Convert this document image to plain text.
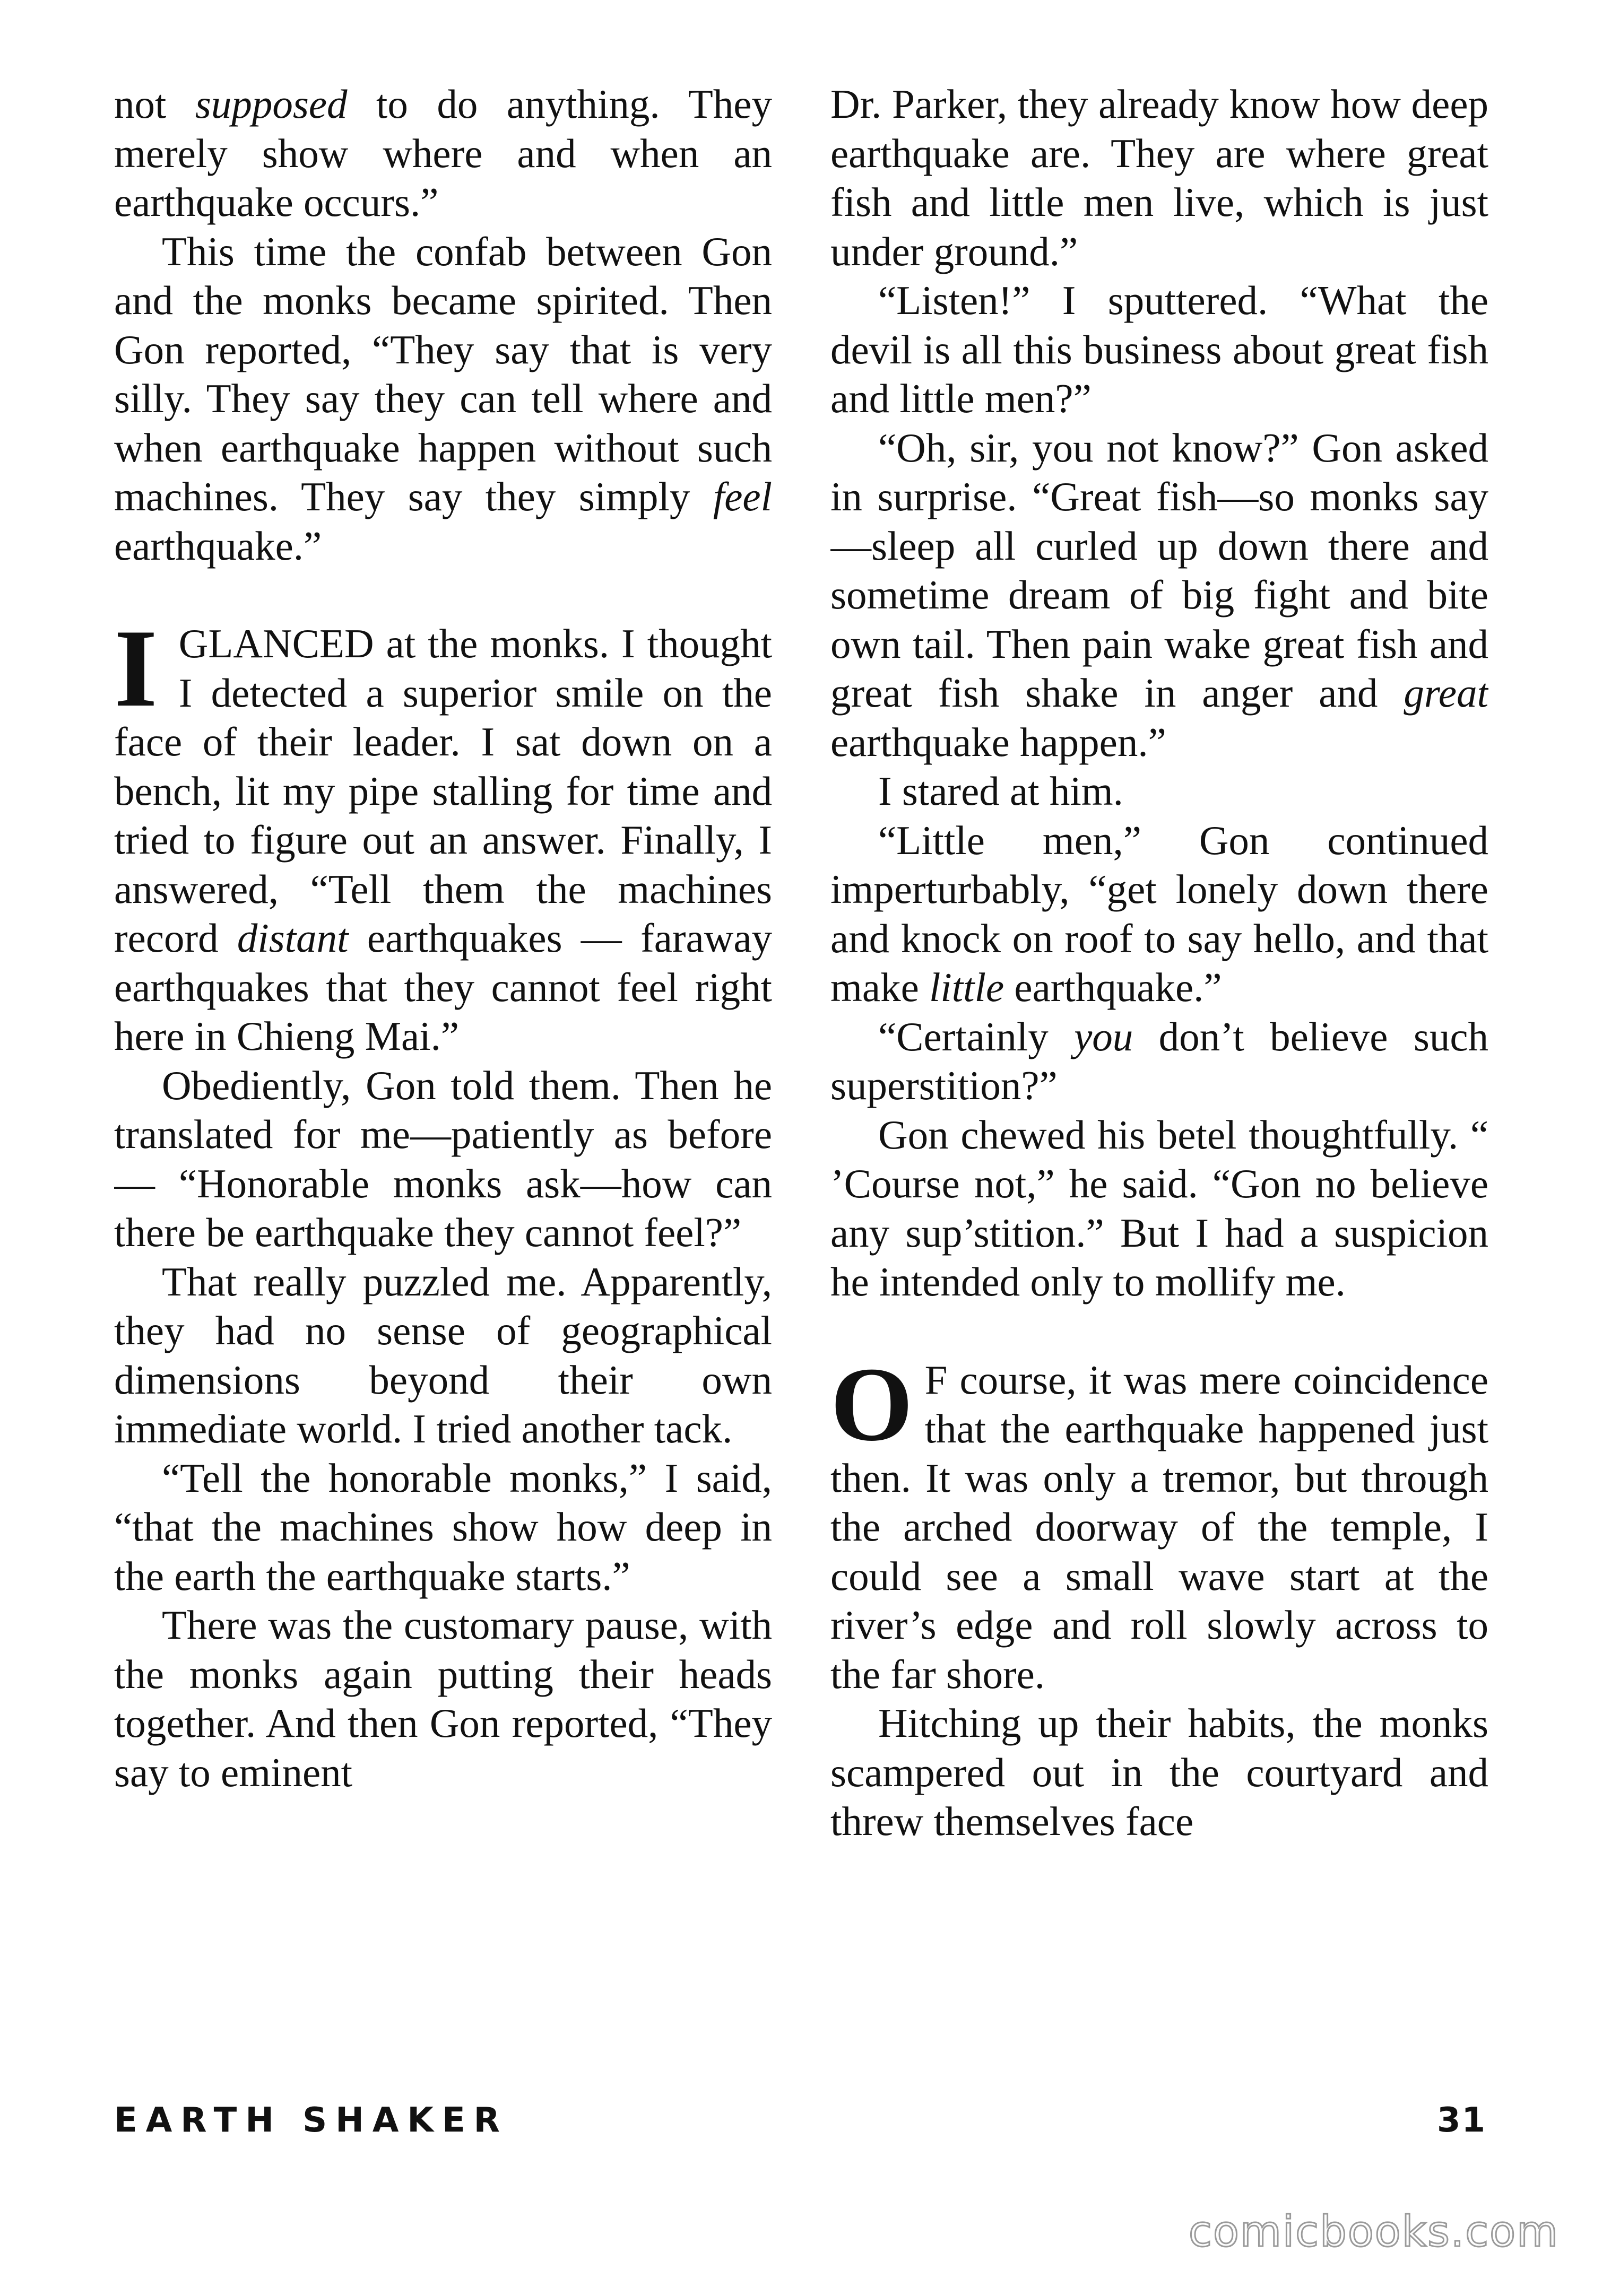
not supposed to do anything. They merely show where and when an earthquake occurs.”

This time the confab between Gon and the monks became spirited. Then Gon reported, “They say that is very silly. They say they can tell where and when earthquake happen without such machines. They say they simply feel earthquake.”

I GLANCED at the monks. I thought I detected a superior smile on the face of their leader. I sat down on a bench, lit my pipe stalling for time and tried to figure out an answer. Finally, I answered, “Tell them the machines record distant earthquakes — faraway earthquakes that they cannot feel right here in Chieng Mai.”

Obediently, Gon told them. Then he translated for me—patiently as before — “Honorable monks ask—how can there be earthquake they cannot feel?”

That really puzzled me. Apparently, they had no sense of geographical dimensions beyond their own immediate world. I tried another tack.

“Tell the honorable monks,” I said, “that the machines show how deep in the earth the earthquake starts.”

There was the customary pause, with the monks again putting their heads together. And then Gon reported, “They say to eminent

Dr. Parker, they already know how deep earthquake are. They are where great fish and little men live, which is just under ground.”

“Listen!” I sputtered. “What the devil is all this business about great fish and little men?”

“Oh, sir, you not know?” Gon asked in surprise. “Great fish—so monks say—sleep all curled up down there and sometime dream of big fight and bite own tail. Then pain wake great fish and great fish shake in anger and great earthquake happen.”

I stared at him.

“Little men,” Gon continued imperturbably, “get lonely down there and knock on roof to say hello, and that make little earthquake.”

“Certainly you don’t believe such superstition?”

Gon chewed his betel thoughtfully. “ ’Course not,” he said. “Gon no believe any sup’stition.” But I had a suspicion he intended only to mollify me.

O F course, it was mere coincidence that the earthquake happened just then. It was only a tremor, but through the arched doorway of the temple, I could see a small wave start at the river’s edge and roll slowly across to the far shore.

Hitching up their habits, the monks scampered out in the courtyard and threw themselves face

EARTH SHAKER	31
comicbooks.com
